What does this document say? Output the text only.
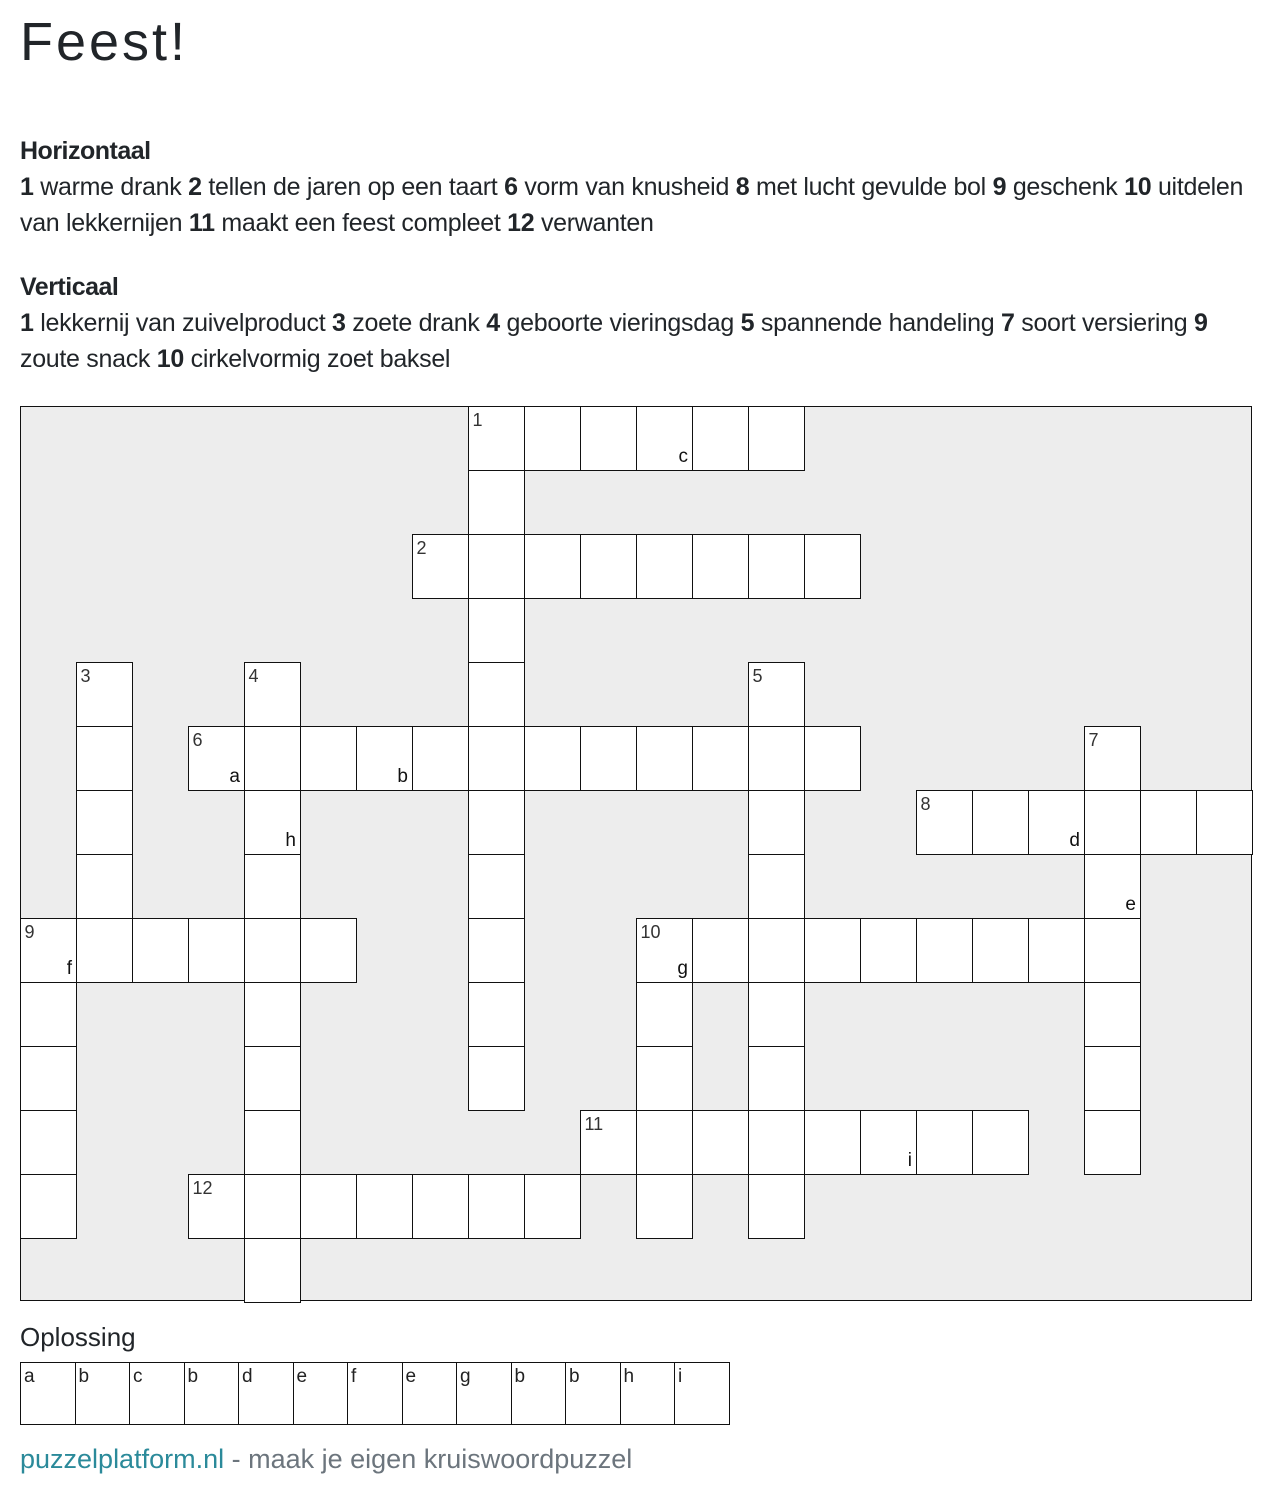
Feest!
Horizontaal

1 warme drank 2 tellen de jaren op een taart 6 vorm van knusheid 8 met lucht gevulde bol 9 geschenk 10 uitdelen van lekkernijen 11 maakt een feest compleet 12 verwanten

Verticaal

1 lekkernij van zuivelproduct 3 zoete drank 4 geboorte vieringsdag 5 spannende handeling 7 soort versiering 9 zoute snack 10 cirkelvormig zoet baksel

1
c
2
3	4	5
6
a	b
7
h
8
d
e
9
f
10
g
11
i
12
Oplossing
a b c b d e f	e g b b h i
puzzelplatform.nl - maak je eigen kruiswoordpuzzel
